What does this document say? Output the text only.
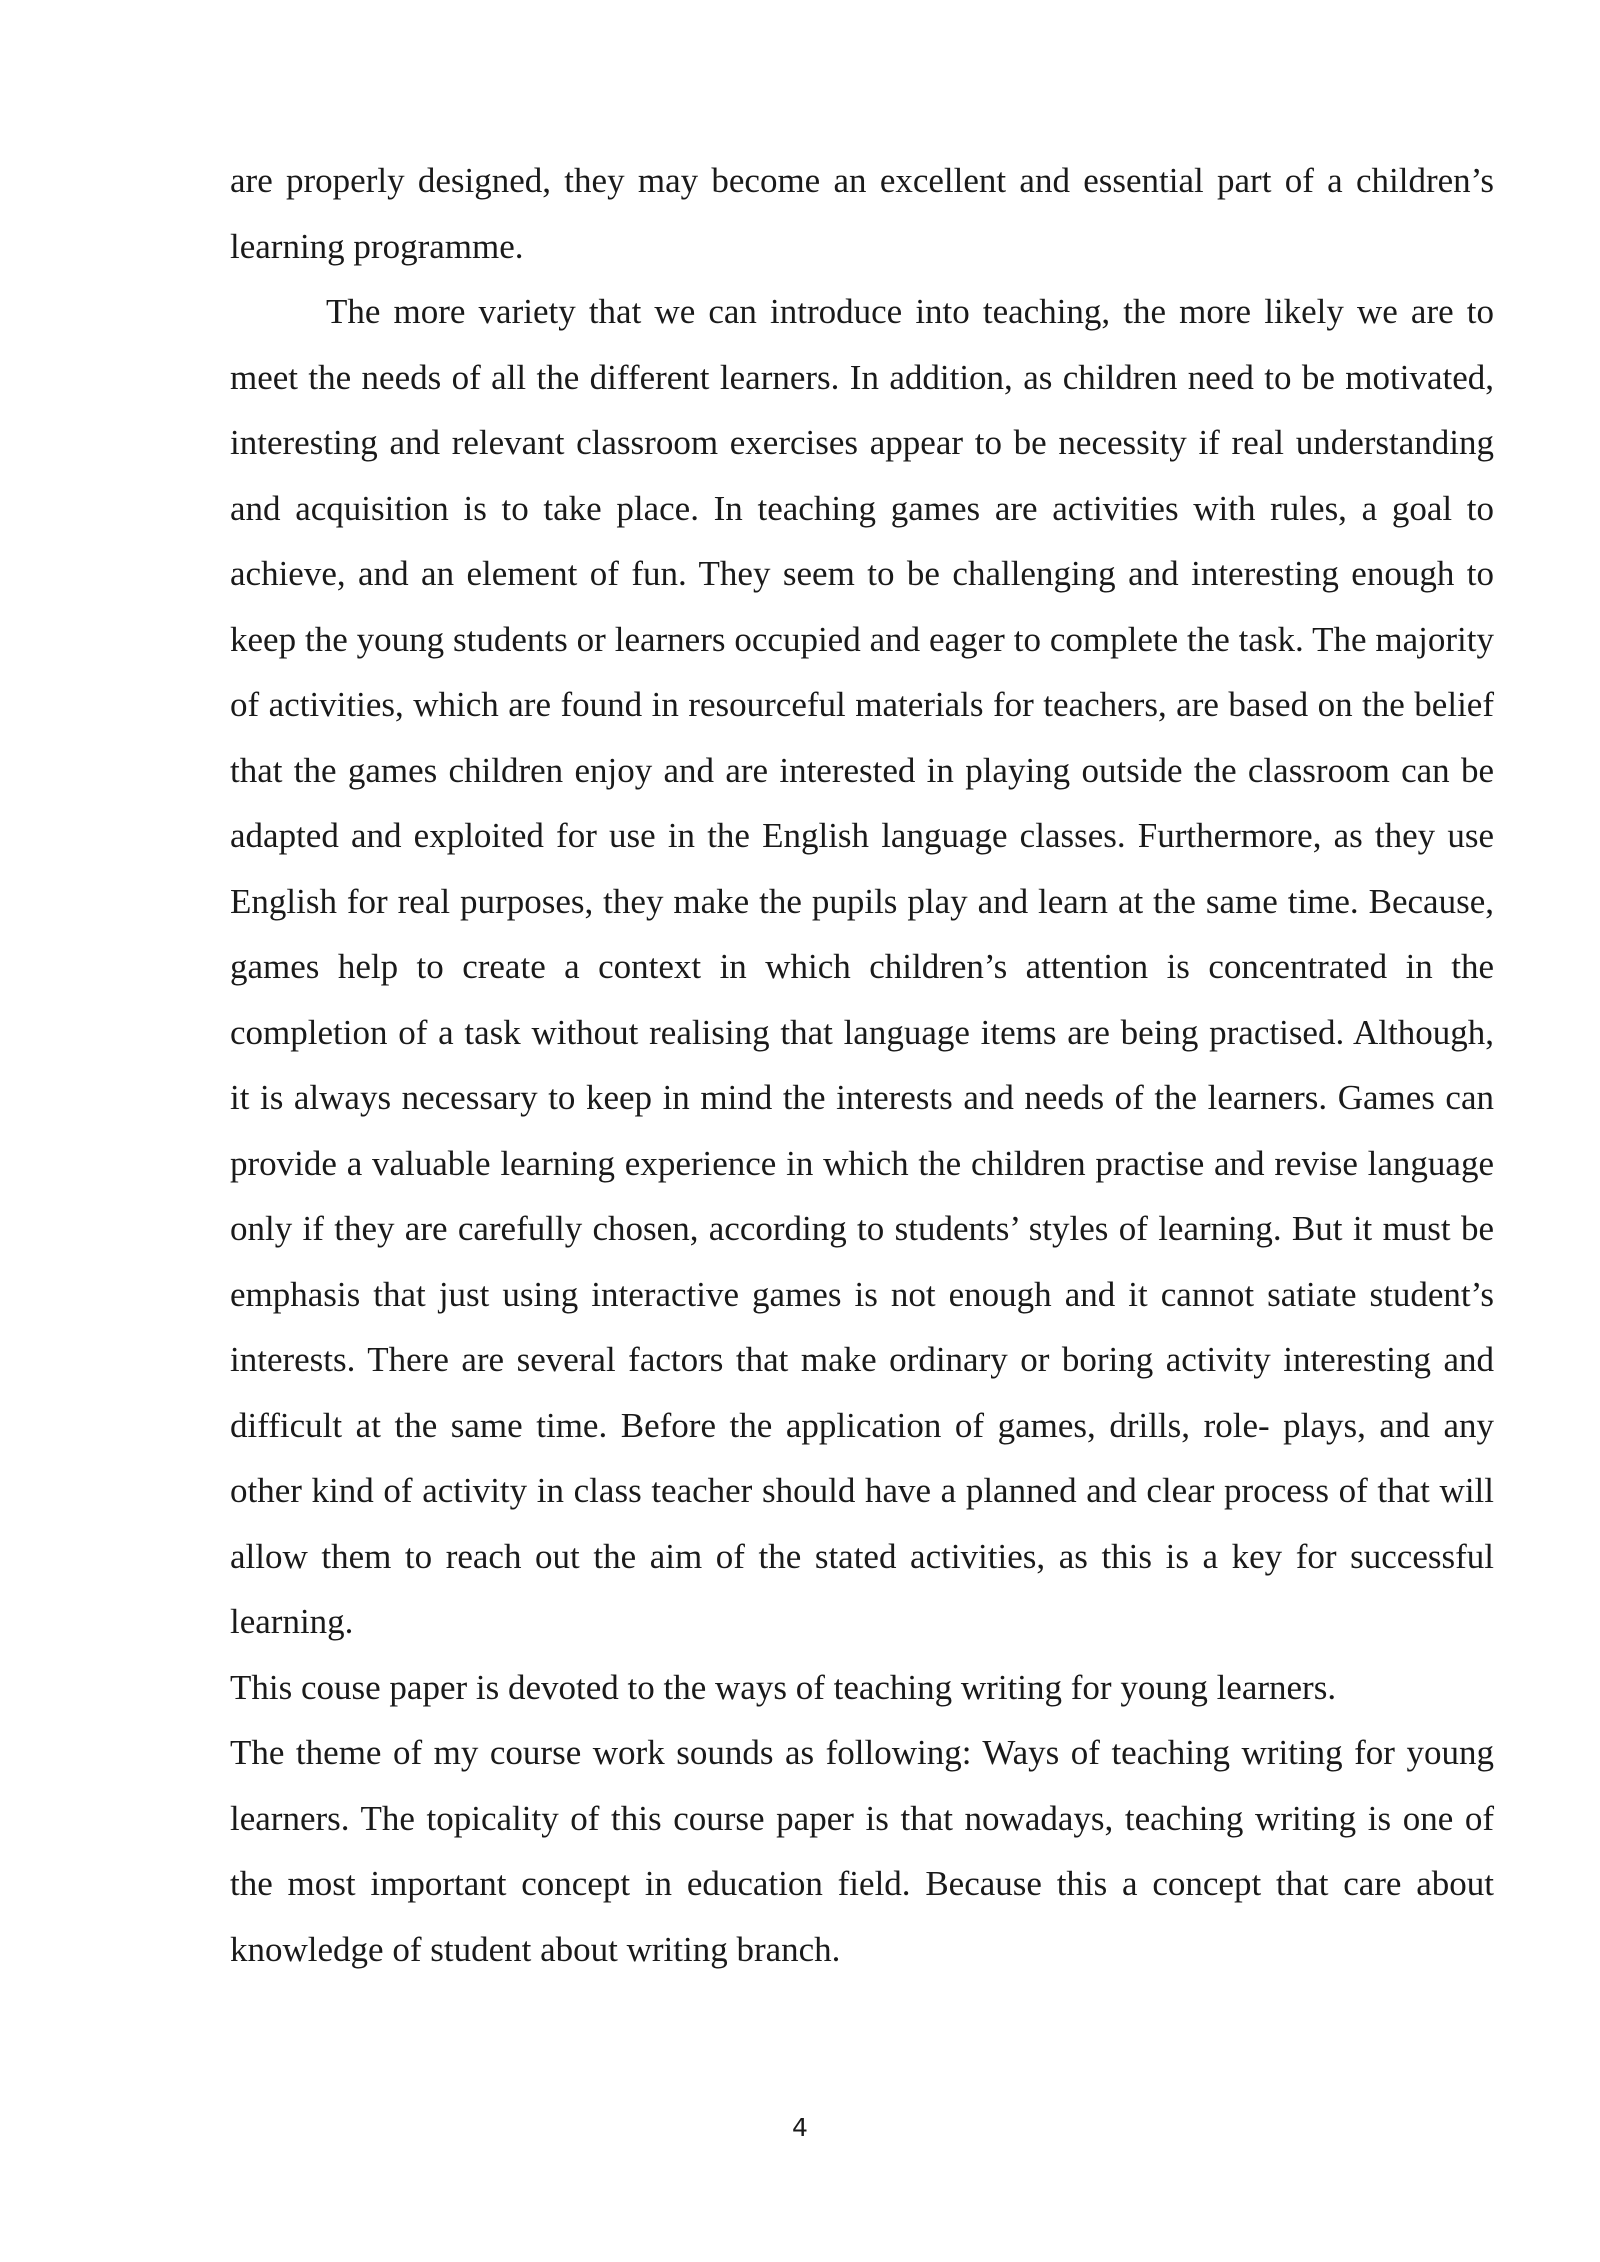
are properly designed, they may become an excellent and essential part of a children’s learning programme.

The more variety that we can introduce into teaching, the more likely we are to meet the needs of all the different learners. In addition, as children need to be motivated, interesting and relevant classroom exercises appear to be necessity if real understanding and acquisition is to take place. In teaching games are activities with rules, a goal to achieve, and an element of fun. They seem to be challenging and interesting enough to keep the young students or learners occupied and eager to complete the task. The majority of activities, which are found in resourceful materials for teachers, are based on the belief that the games children enjoy and are interested in playing outside the classroom can be adapted and exploited for use in the English language classes. Furthermore, as they use English for real purposes, they make the pupils play and learn at the same time. Because, games help to create a context in which children’s attention is concentrated in the completion of a task without realising that language items are being practised. Although, it is always necessary to keep in mind the interests and needs of the learners. Games can provide a valuable learning experience in which the children practise and revise language only if they are carefully chosen, according to students’ styles of learning. But it must be emphasis that just using interactive games is not enough and it cannot satiate student’s interests. There are several factors that make ordinary or boring activity interesting and difficult at the same time. Before the application of games, drills, role- plays, and any other kind of activity in class teacher should have a planned and clear process of that will allow them to reach out the aim of the stated activities, as this is a key for successful learning.

This couse paper is devoted to the ways of teaching writing for young learners.

The theme of my course work sounds as following: Ways of teaching writing for young learners. The topicality of this course paper is that nowadays, teaching writing is one of the most important concept in education field. Because this a concept that care about knowledge of student about writing branch.

4
